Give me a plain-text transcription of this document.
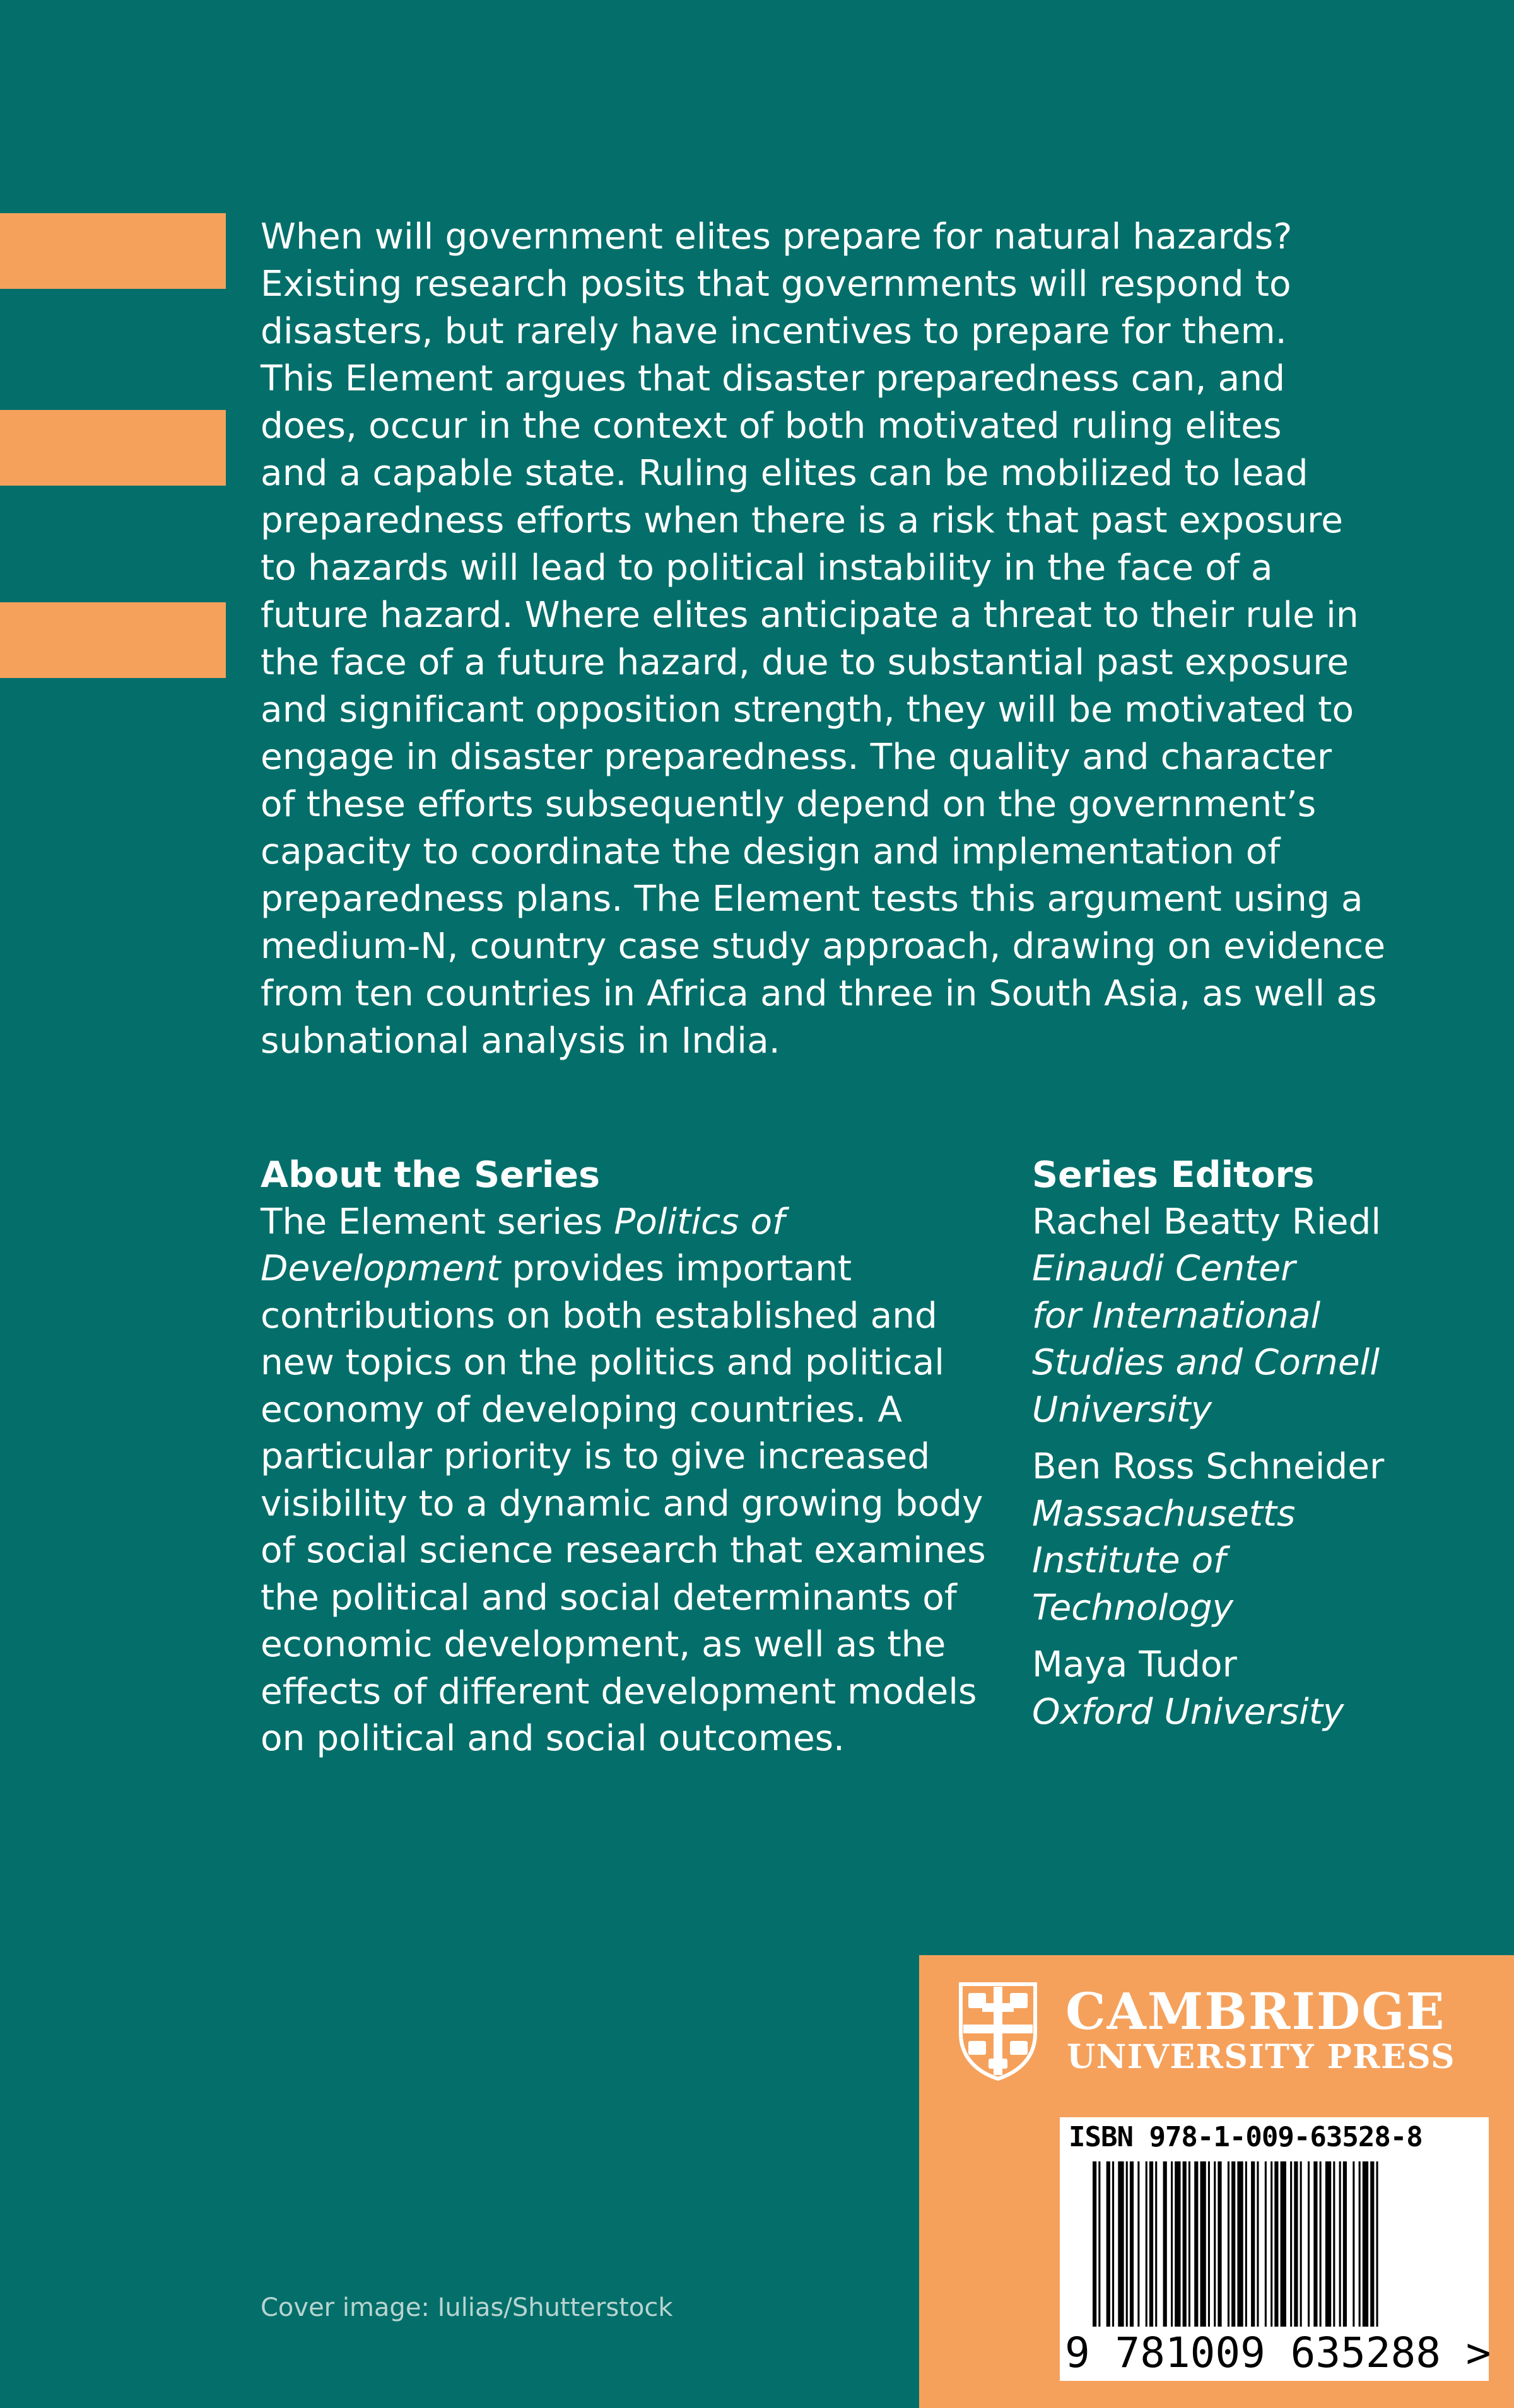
When will government elites prepare for natural hazards?
Existing research posits that governments will respond to
disasters, but rarely have incentives to prepare for them.
This Element argues that disaster preparedness can, and
does, occur in the context of both motivated ruling elites
and a capable state. Ruling elites can be mobilized to lead
preparedness efforts when there is a risk that past exposure
to hazards will lead to political instability in the face of a
future hazard. Where elites anticipate a threat to their rule in
the face of a future hazard, due to substantial past exposure
and significant opposition strength, they will be motivated to
engage in disaster preparedness. The quality and character
of these efforts subsequently depend on the government’s
capacity to coordinate the design and implementation of
preparedness plans. The Element tests this argument using a
medium-N, country case study approach, drawing on evidence
from ten countries in Africa and three in South Asia, as well as
subnational analysis in India.
About the Series
The Element series Politics of
Development provides important
contributions on both established and
new topics on the politics and political
economy of developing countries. A
particular priority is to give increased
visibility to a dynamic and growing body
of social science research that examines
the political and social determinants of
economic development, as well as the
effects of different development models
on political and social outcomes.
Series Editors
Rachel Beatty Riedl
Einaudi Center
for International
Studies and Cornell
University
Ben Ross Schneider
Massachusetts
Institute of
Technology
Maya Tudor
Oxford University
Cover image: Iulias/Shutterstock
CAMBRIDGE
UNIVERSITY PRESS
ISBN 978-1-009-63528-8
9 781009 635288 >
